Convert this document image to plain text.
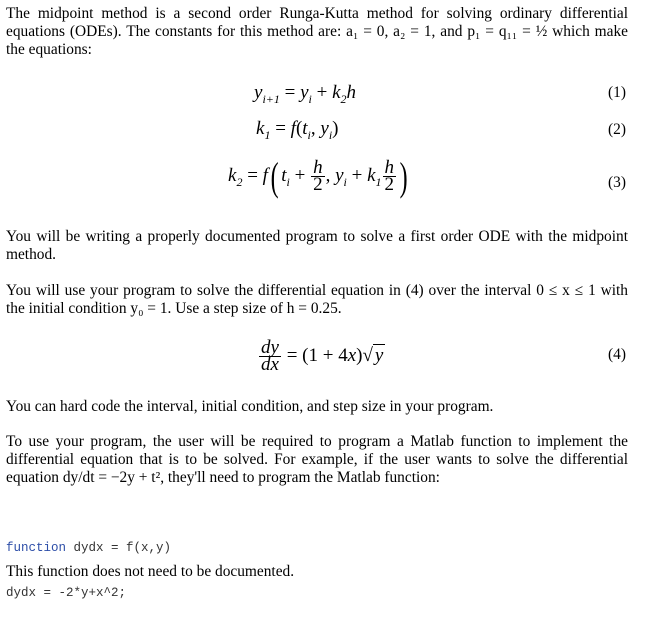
The midpoint method is a second order Runga-Kutta method for solving ordinary differential equations (ODEs). The constants for this method are: a₁ = 0, a₂ = 1, and p₁ = q₁₁ = ½ which make the equations:
$y_{i+1} = y_i + k_2h$	(1)
$k_1 = f(t_i$, $y_i$)	(2)
$k_2 = f$( $t_i + \frac{h}{2}$ , $y_i + k_1 \frac{h}{2}$ )	(3)
You will be writing a properly documented program to solve a first order ODE with the midpoint method.
You will use your program to solve the differential equation in (4) over the interval 0 ≤ x ≤ 1 with the initial condition y₀ = 1. Use a step size of h = 0.25.
$\frac{dy}{dx} = (1 + 4x)√$ y	(4)
You can hard code the interval, initial condition, and step size in your program.
To use your program, the user will be required to program a Matlab function to implement the differential equation that is to be solved. For example, if the user wants to solve the differential equation dy/dt = −2y + t², they'll need to program the Matlab function:

function dydx = f(x,y)

dydx = -2*y+x^2;

This function does not need to be documented.
